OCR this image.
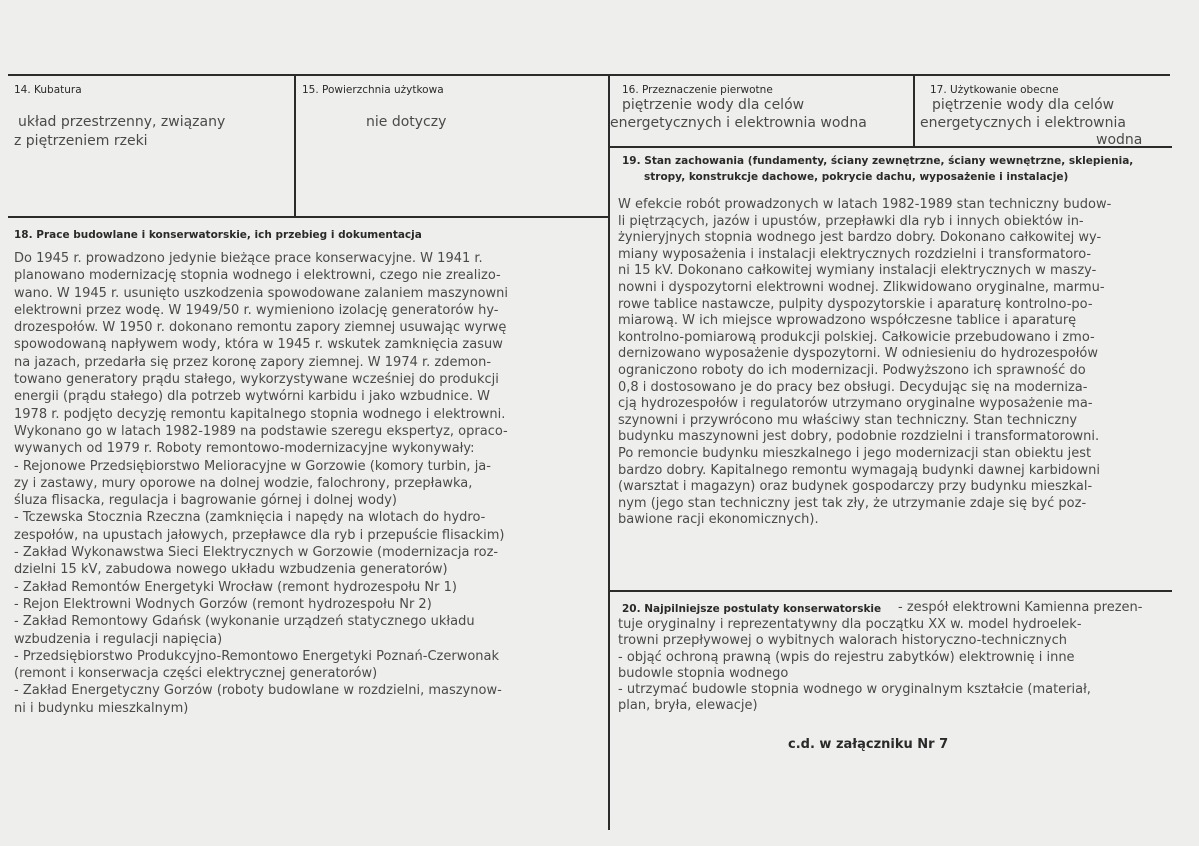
14. Kubatura
układ przestrzenny, związany
z piętrzeniem rzeki
15. Powierzchnia użytkowa
nie dotyczy
16. Przeznaczenie pierwotne
piętrzenie wody dla celów
energetycznych i elektrownia wodna
17. Użytkowanie obecne
piętrzenie wody dla celów
energetycznych i elektrownia
wodna
19. Stan zachowania (fundamenty, ściany zewnętrzne, ściany wewnętrzne, sklepienia,
stropy, konstrukcje dachowe, pokrycie dachu, wyposażenie i instalacje)
W efekcie robót prowadzonych w latach 1982-1989 stan techniczny budow-
li piętrzących, jazów i upustów, przepławki dla ryb i innych obiektów in-
żynieryjnych stopnia wodnego jest bardzo dobry. Dokonano całkowitej wy-
miany wyposażenia i instalacji elektrycznych rozdzielni i transformatoro-
ni 15 kV. Dokonano całkowitej wymiany instalacji elektrycznych w maszy-
nowni i dyspozytorni elektrowni wodnej. Zlikwidowano oryginalne, marmu-
rowe tablice nastawcze, pulpity dyspozytorskie i aparaturę kontrolno-po-
miarową. W ich miejsce wprowadzono współczesne tablice i aparaturę
kontrolno-pomiarową produkcji polskiej. Całkowicie przebudowano i zmo-
dernizowano wyposażenie dyspozytorni. W odniesieniu do hydrozespołów
ograniczono roboty do ich modernizacji. Podwyższono ich sprawność do
0,8 i dostosowano je do pracy bez obsługi. Decydując się na moderniza-
cją hydrozespołów i regulatorów utrzymano oryginalne wyposażenie ma-
szynowni i przywrócono mu właściwy stan techniczny. Stan techniczny
budynku maszynowni jest dobry, podobnie rozdzielni i transformatorowni.
Po remoncie budynku mieszkalnego i jego modernizacji stan obiektu jest
bardzo dobry. Kapitalnego remontu wymagają budynki dawnej karbidowni
(warsztat i magazyn) oraz budynek gospodarczy przy budynku mieszkal-
nym (jego stan techniczny jest tak zły, że utrzymanie zdaje się być poz-
bawione racji ekonomicznych).
18. Prace budowlane i konserwatorskie, ich przebieg i dokumentacja
Do 1945 r. prowadzono jedynie bieżące prace konserwacyjne. W 1941 r.
planowano modernizację stopnia wodnego i elektrowni, czego nie zrealizo-
wano. W 1945 r. usunięto uszkodzenia spowodowane zalaniem maszynowni
elektrowni przez wodę. W 1949/50 r. wymieniono izolację generatorów hy-
drozespołów. W 1950 r. dokonano remontu zapory ziemnej usuwając wyrwę
spowodowaną napływem wody, która w 1945 r. wskutek zamknięcia zasuw
na jazach, przedarła się przez koronę zapory ziemnej. W 1974 r. zdemon-
towano generatory prądu stałego, wykorzystywane wcześniej do produkcji
energii (prądu stałego) dla potrzeb wytwórni karbidu i jako wzbudnice. W
1978 r. podjęto decyzję remontu kapitalnego stopnia wodnego i elektrowni.
Wykonano go w latach 1982-1989 na podstawie szeregu ekspertyz, opraco-
wywanych od 1979 r. Roboty remontowo-modernizacyjne wykonywały:
- Rejonowe Przedsiębiorstwo Melioracyjne w Gorzowie (komory turbin, ja-
zy i zastawy, mury oporowe na dolnej wodzie, falochrony, przepławka,
śluza flisacka, regulacja i bagrowanie górnej i dolnej wody)
- Tczewska Stocznia Rzeczna (zamknięcia i napędy na wlotach do hydro-
zespołów, na upustach jałowych, przepławce dla ryb i przepuście flisackim)
- Zakład Wykonawstwa Sieci Elektrycznych w Gorzowie (modernizacja roz-
dzielni 15 kV, zabudowa nowego układu wzbudzenia generatorów)
- Zakład Remontów Energetyki Wrocław (remont hydrozespołu Nr 1)
- Rejon Elektrowni Wodnych Gorzów (remont hydrozespołu Nr 2)
- Zakład Remontowy Gdańsk (wykonanie urządzeń statycznego układu
wzbudzenia i regulacji napięcia)
- Przedsiębiorstwo Produkcyjno-Remontowo Energetyki Poznań-Czerwonak
(remont i konserwacja części elektrycznej generatorów)
- Zakład Energetyczny Gorzów (roboty budowlane w rozdzielni, maszynow-
ni i budynku mieszkalnym)
20. Najpilniejsze postulaty konserwatorskie - zespół elektrowni Kamienna prezen-
tuje oryginalny i reprezentatywny dla początku XX w. model hydroelek-
trowni przepływowej o wybitnych walorach historyczno-technicznych
- objąć ochroną prawną (wpis do rejestru zabytków) elektrownię i inne
budowle stopnia wodnego
- utrzymać budowle stopnia wodnego w oryginalnym kształcie (materiał,
plan, bryła, elewacje)
c.d. w załączniku Nr 7
